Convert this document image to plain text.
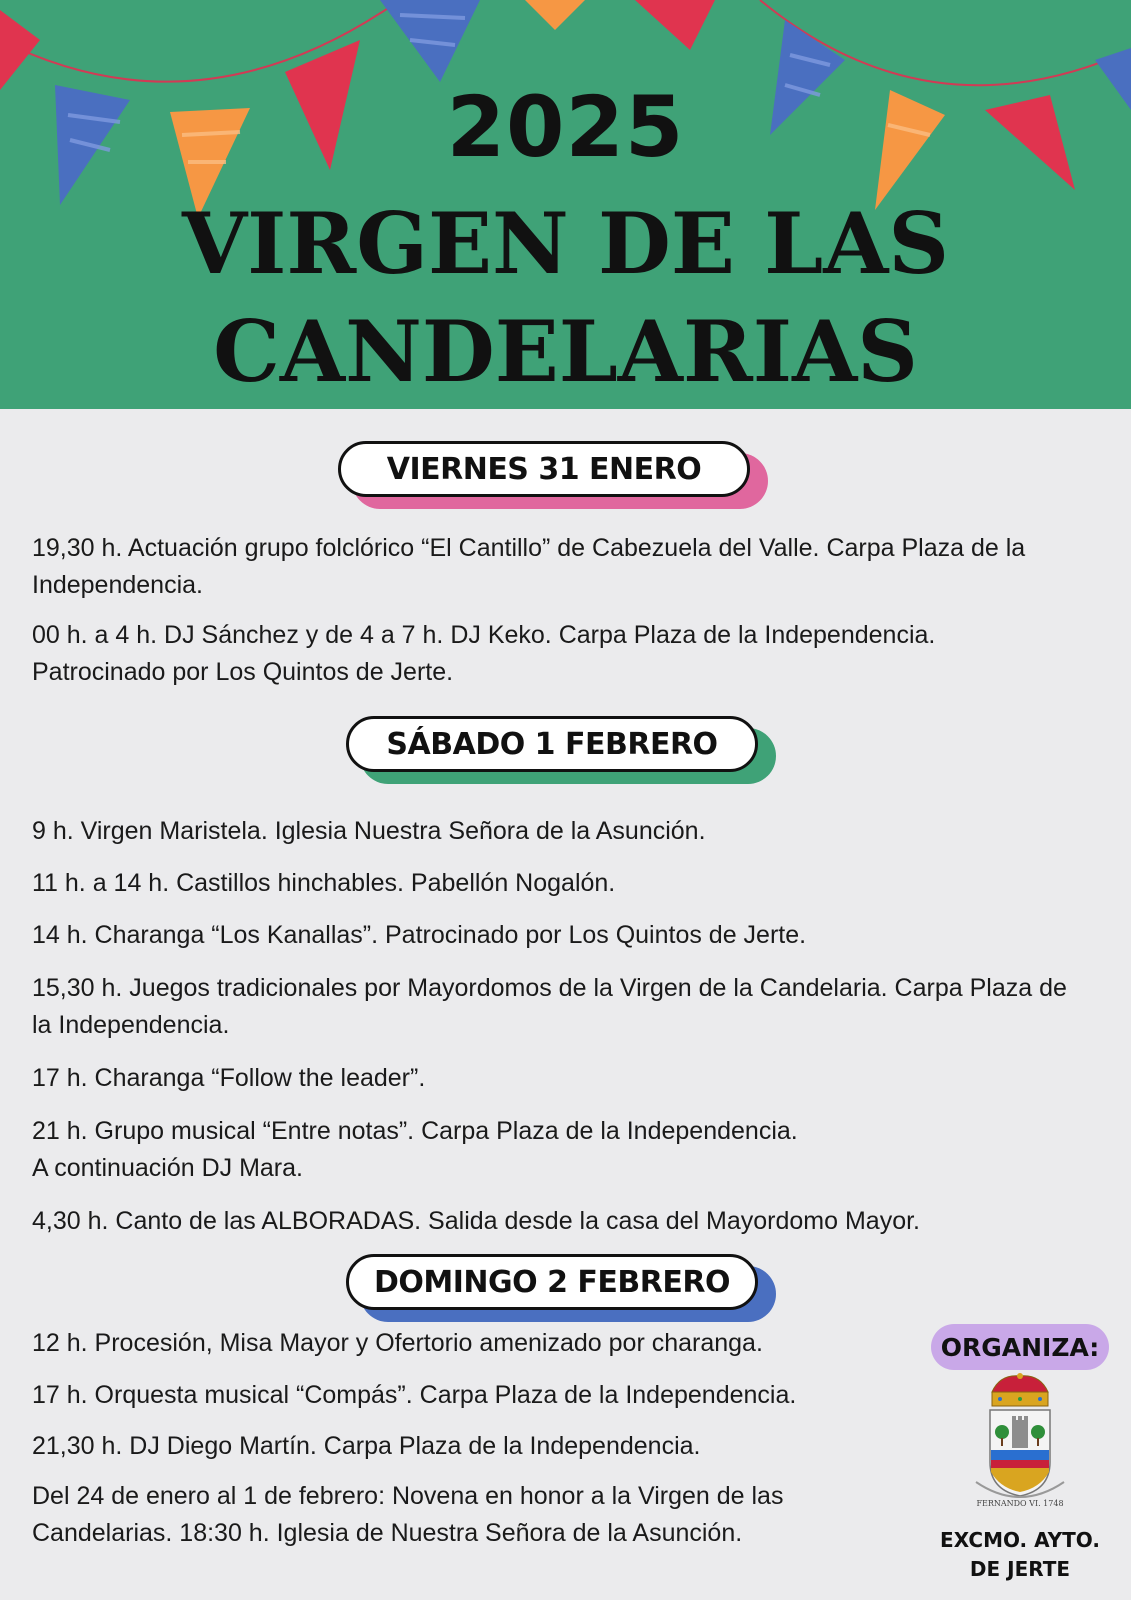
2025
VIRGEN DE LAS
CANDELARIAS
VIERNES 31 ENERO
19,30 h. Actuación grupo folclórico “El Cantillo” de Cabezuela del Valle. Carpa Plaza de la Independencia.
00 h. a 4 h. DJ Sánchez y de 4 a 7 h. DJ Keko. Carpa Plaza de la Independencia. Patrocinado por Los Quintos de Jerte.
SÁBADO 1 FEBRERO
9 h. Virgen Maristela. Iglesia Nuestra Señora de la Asunción.
11 h. a 14 h. Castillos hinchables. Pabellón Nogalón.
14 h. Charanga “Los Kanallas”. Patrocinado por Los Quintos de Jerte.
15,30 h. Juegos tradicionales por Mayordomos de la Virgen de la Candelaria. Carpa Plaza de la Independencia.
17 h. Charanga “Follow the leader”.
21 h. Grupo musical “Entre notas”. Carpa Plaza de la Independencia.
A continuación DJ Mara.
4,30 h. Canto de las ALBORADAS. Salida desde la casa del Mayordomo Mayor.
DOMINGO 2 FEBRERO
12 h. Procesión, Misa Mayor y Ofertorio amenizado por charanga.
17 h. Orquesta musical “Compás”. Carpa Plaza de la Independencia.
21,30 h. DJ Diego Martín. Carpa Plaza de la Independencia.
Del 24 de enero al 1 de febrero: Novena en honor a la Virgen de las Candelarias. 18:30 h. Iglesia de Nuestra Señora de la Asunción.
ORGANIZA:
FERNANDO VI. 1748
EXCMO. AYTO.
DE JERTE
